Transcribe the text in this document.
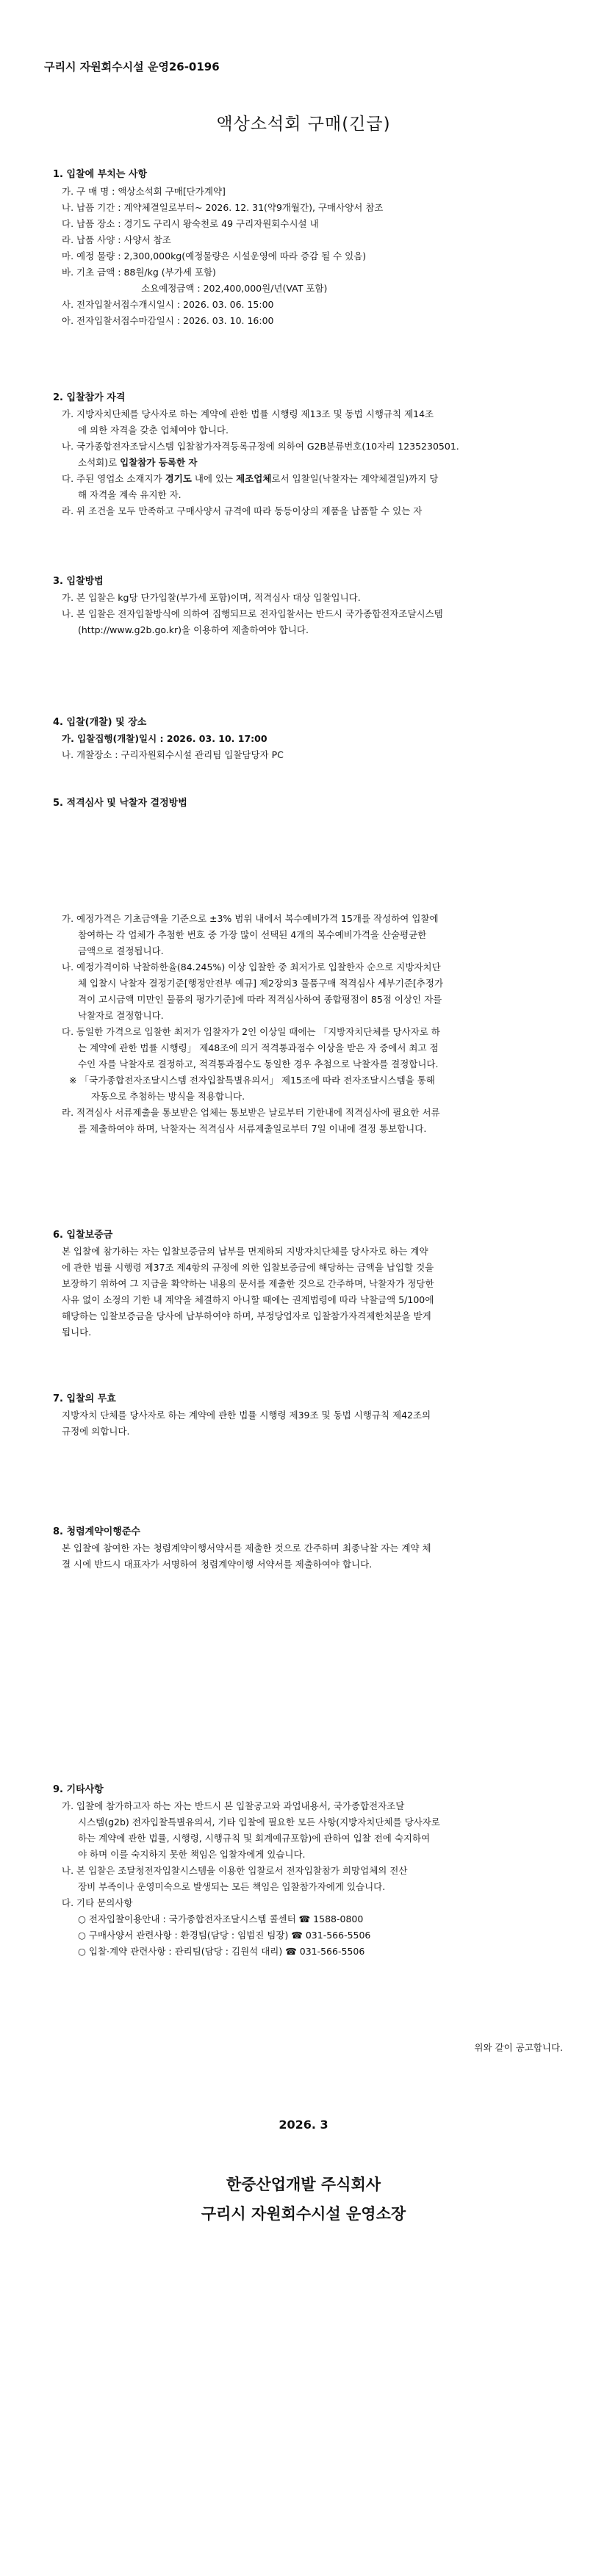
구리시 자원회수시설 운영26-0196
액상소석회 구매(긴급)
1. 입찰에 부치는 사항
가. 구 매 명 : 액상소석회 구매[단가계약]
나. 납품 기간 : 계약체결일로부터~ 2026. 12. 31(약9개월간), 구매사양서 참조
다. 납품 장소 : 경기도 구리시 왕숙천로 49 구리자원회수시설 내
라. 납품 사양 : 사양서 참조
마. 예정 물량 : 2,300,000kg(예정물량은 시설운영에 따라 증감 될 수 있음)
바. 기초 금액 : 88원/kg (부가세 포함)
소요예정금액 : 202,400,000원/년(VAT 포함)
사. 전자입찰서접수개시일시 : 2026. 03. 06. 15:00
아. 전자입찰서접수마감일시 : 2026. 03. 10. 16:00
2. 입찰참가 자격
가. 지방자치단체를 당사자로 하는 계약에 관한 법률 시행령 제13조 및 동법 시행규칙 제14조
에 의한 자격을 갖춘 업체여야 합니다.
나. 국가종합전자조달시스템 입찰참가자격등록규정에 의하여 G2B분류번호(10자리 1235230501.
소석회)로 입찰참가 등록한 자
다. 주된 영업소 소재지가 경기도 내에 있는 제조업체로서 입찰일(낙찰자는 계약체결일)까지 당
해 자격을 계속 유지한 자.
라. 위 조건을 모두 만족하고 구매사양서 규격에 따라 동등이상의 제품을 납품할 수 있는 자
3. 입찰방법
가. 본 입찰은 kg당 단가입찰(부가세 포함)이며, 적격심사 대상 입찰입니다.
나. 본 입찰은 전자입찰방식에 의하여 집행되므로 전자입찰서는 반드시 국가종합전자조달시스템
(http://www.g2b.go.kr)을 이용하여 제출하여야 합니다.
4. 입찰(개찰) 및 장소
가. 입찰집행(개찰)일시 : 2026. 03. 10. 17:00
나. 개찰장소 : 구리자원회수시설 관리팀 입찰담당자 PC
5. 적격심사 및 낙찰자 결정방법
가. 예정가격은 기초금액을 기준으로 ±3% 범위 내에서 복수예비가격 15개를 작성하여 입찰에
참여하는 각 업체가 추첨한 번호 중 가장 많이 선택된 4개의 복수예비가격을 산술평균한
금액으로 결정됩니다.
나. 예정가격이하 낙찰하한율(84.245%) 이상 입찰한 중 최저가로 입찰한자 순으로 지방자치단
체 입찰시 낙찰자 결정기준[행정안전부 예규] 제2장의3 물품구매 적격심사 세부기준[추정가
격이 고시금액 미만인 물품의 평가기준]에 따라 적격심사하여 종합평점이 85점 이상인 자를
낙찰자로 결정합니다.
다. 동일한 가격으로 입찰한 최저가 입찰자가 2인 이상일 때에는 「지방자치단체를 당사자로 하
는 계약에 관한 법률 시행령」 제48조에 의거 적격통과점수 이상을 받은 자 중에서 최고 점
수인 자를 낙찰자로 결정하고, 적격통과점수도 동일한 경우 추첨으로 낙찰자를 결정합니다.
※ 「국가종합전자조달시스템 전자입찰특별유의서」 제15조에 따라 전자조달시스템을 통해
자동으로 추첨하는 방식을 적용합니다.
라. 적격심사 서류제출을 통보받은 업체는 통보받은 날로부터 기한내에 적격심사에 필요한 서류
를 제출하여야 하며, 낙찰자는 적격심사 서류제출일로부터 7일 이내에 결정 통보합니다.
6. 입찰보증금
본 입찰에 참가하는 자는 입찰보증금의 납부를 면제하되 지방자치단체를 당사자로 하는 계약
에 관한 법률 시행령 제37조 제4항의 규정에 의한 입찰보증금에 해당하는 금액을 납입할 것을
보장하기 위하여 그 지급을 확약하는 내용의 문서를 제출한 것으로 간주하며, 낙찰자가 정당한
사유 없이 소정의 기한 내 계약을 체결하지 아니할 때에는 권계법령에 따라 낙찰금액 5/100에
해당하는 입찰보증금을 당사에 납부하여야 하며, 부정당업자로 입찰참가자격제한처분을 받게
됩니다.
7. 입찰의 무효
지방자치 단체를 당사자로 하는 계약에 관한 법률 시행령 제39조 및 동법 시행규칙 제42조의
규정에 의합니다.
8. 청렴계약이행준수
본 입찰에 참여한 자는 청렴계약이행서약서를 제출한 것으로 간주하며 최종낙찰 자는 계약 체
결 시에 반드시 대표자가 서명하여 청렴계약이행 서약서를 제출하여야 합니다.
9. 기타사항
가. 입찰에 참가하고자 하는 자는 반드시 본 입찰공고와 과업내용서, 국가종합전자조달
시스템(g2b) 전자입찰특별유의서, 기타 입찰에 필요한 모든 사항(지방자치단체를 당사자로
하는 계약에 관한 법률, 시행령, 시행규칙 및 회계예규포함)에 관하여 입찰 전에 숙지하여
야 하며 이를 숙지하지 못한 책임은 입찰자에게 있습니다.
나. 본 입찰은 조달청전자입찰시스템을 이용한 입찰로서 전자입찰참가 희망업체의 전산
장비 부족이나 운영미숙으로 발생되는 모든 책임은 입찰참가자에게 있습니다.
다. 기타 문의사항
○ 전자입찰이용안내 : 국가종합전자조달시스템 콜센터 ☎ 1588-0800
○ 구매사양서 관련사항 : 환경팀(담당 : 임범진 팀장) ☎ 031-566-5506
○ 입찰·계약 관련사항 : 관리팀(담당 : 김원석 대리) ☎ 031-566-5506
위와 같이 공고합니다.
2026. 3
한중산업개발 주식회사
구리시 자원회수시설 운영소장
